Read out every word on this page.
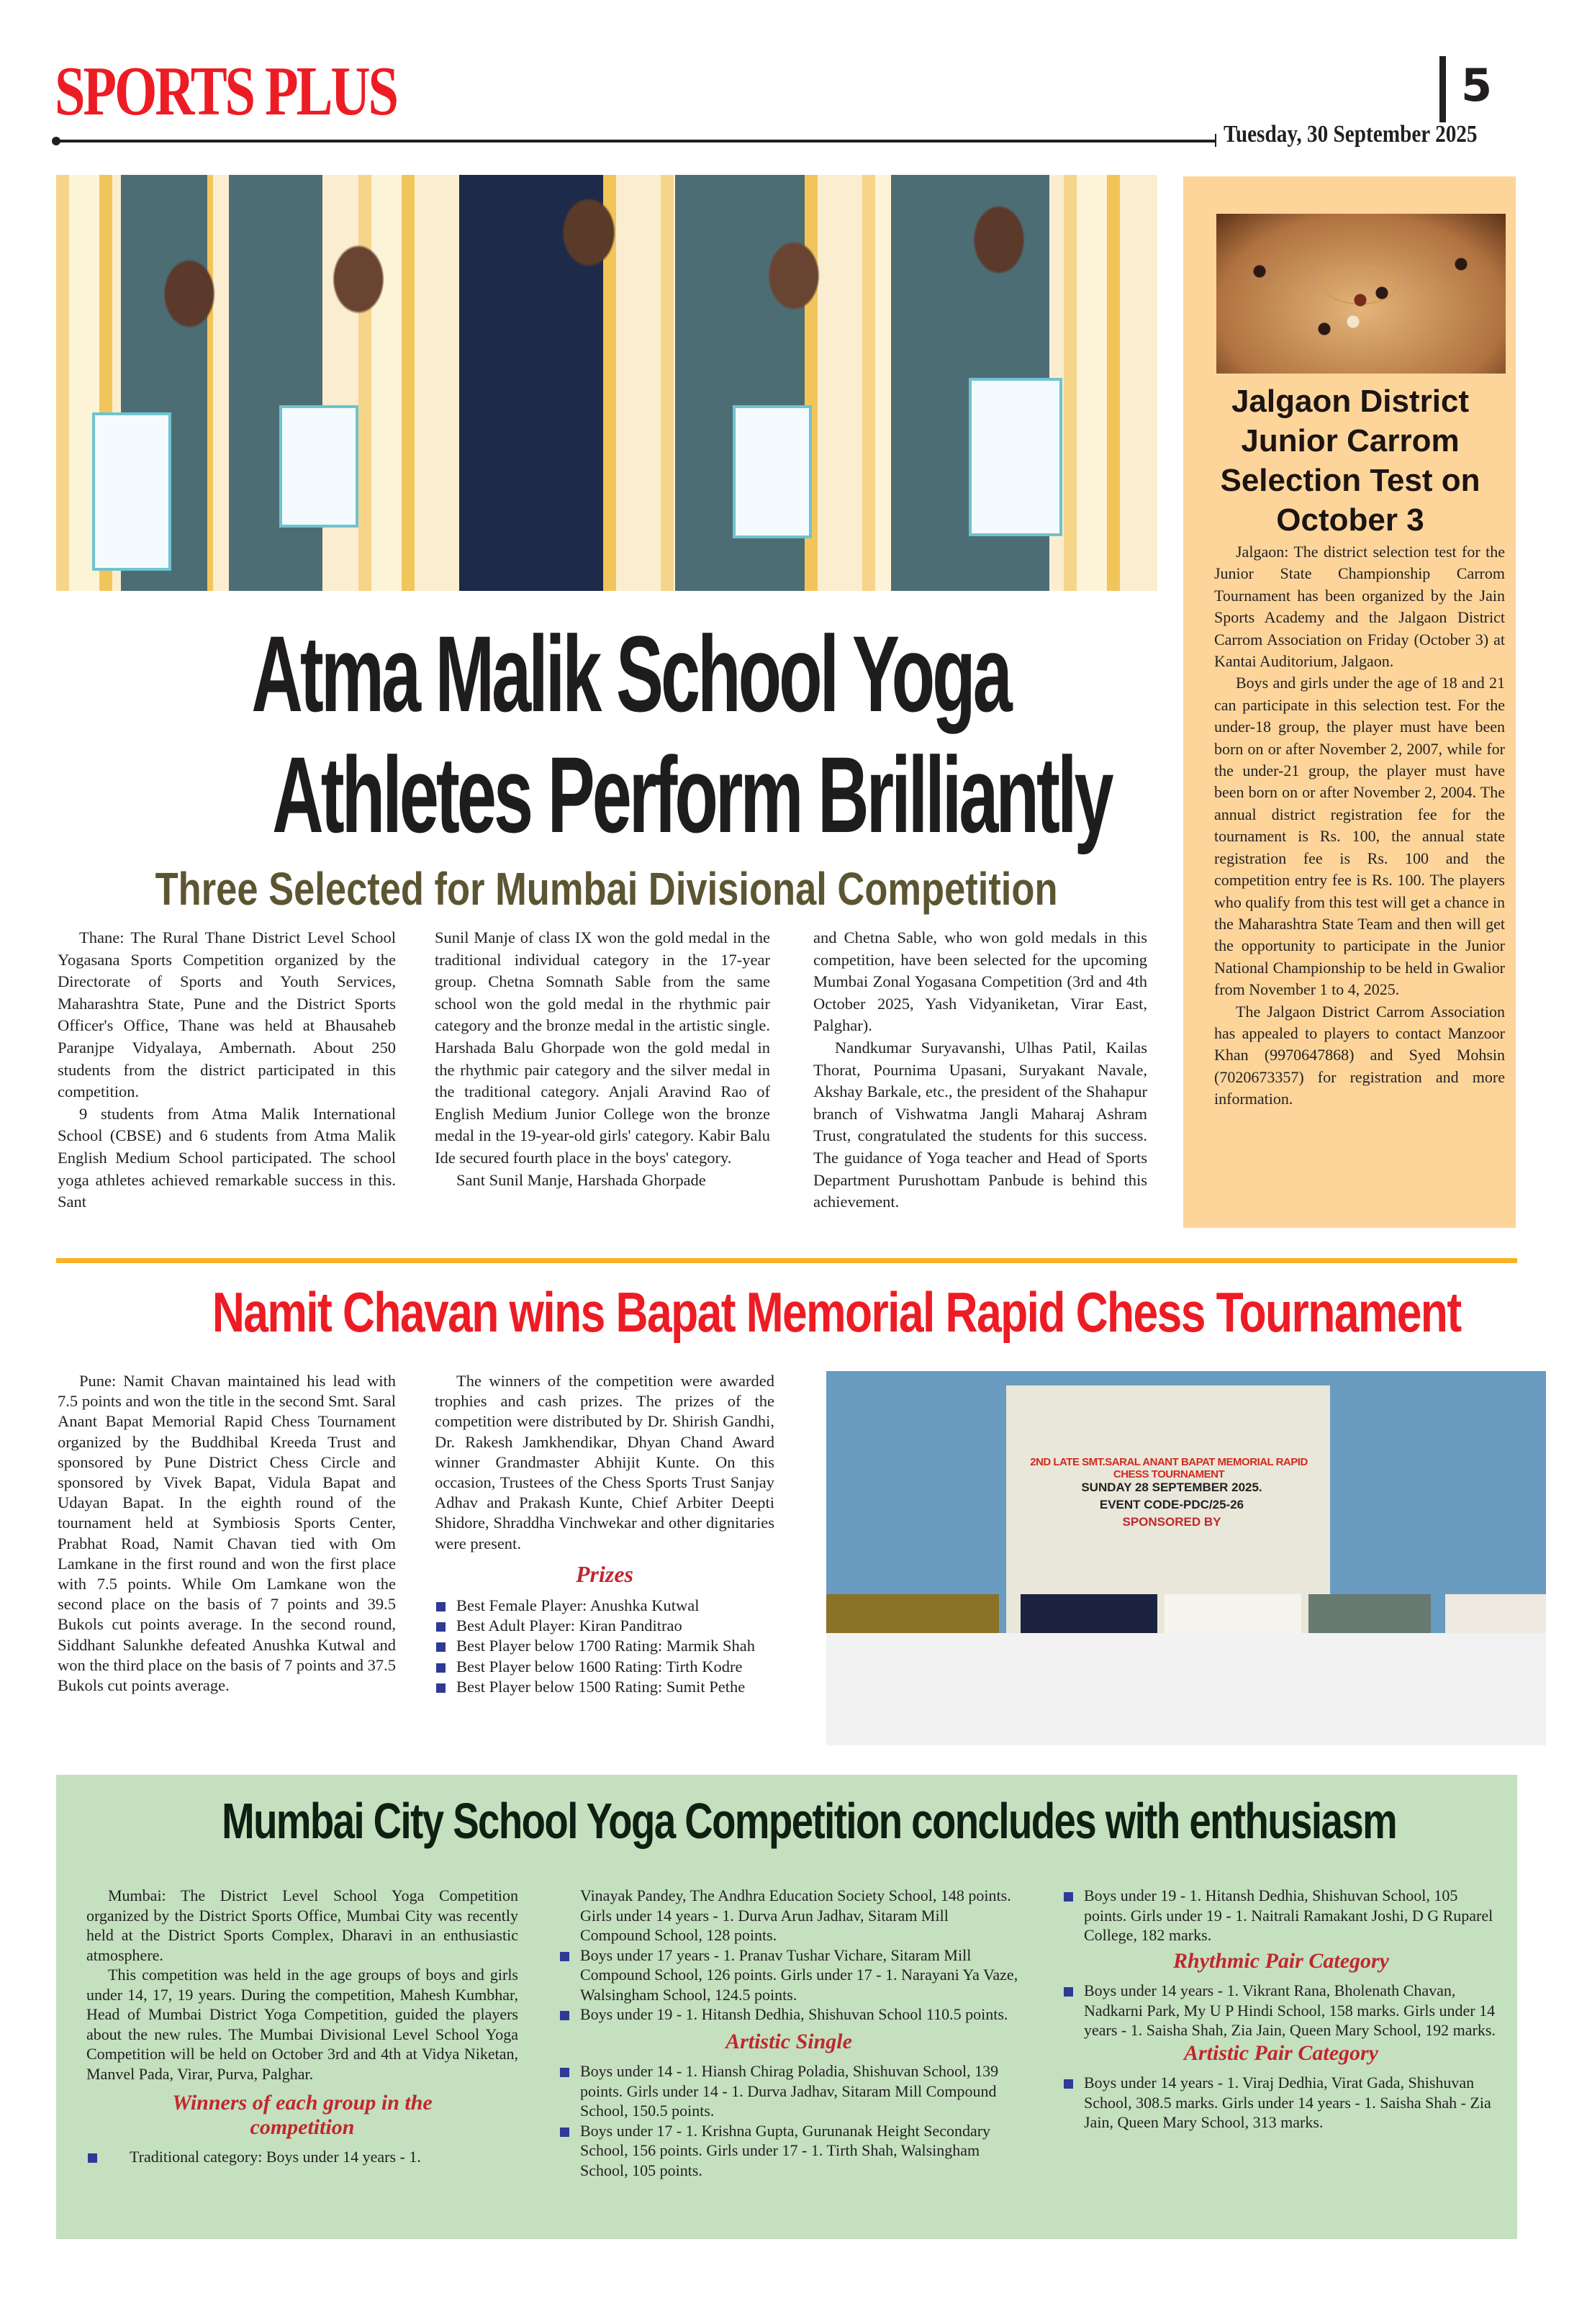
SPORTS PLUS	5
Tuesday, 30 September 2025
Atma Malik School Yoga
Athletes Perform Brilliantly
Three Selected for Mumbai Divisional Competition

Thane: The Rural Thane District Level School Yogasana Sports Competition organized by the Directorate of Sports and Youth Services, Maharashtra State, Pune and the District Sports Officer's Office, Thane was held at Bhausaheb Paranjpe Vidyalaya, Ambernath. About 250 students from the district participated in this competition.

9 students from Atma Malik International School (CBSE) and 6 students from Atma Malik English Medium School participated. The school yoga athletes achieved remarkable success in this. Sant

Sunil Manje of class IX won the gold medal in the traditional individual category in the 17-year group. Chetna Somnath Sable from the same school won the gold medal in the rhythmic pair category and the bronze medal in the artistic single. Harshada Balu Ghorpade won the gold medal in the rhythmic pair category and the silver medal in the traditional category. Anjali Aravind Rao of English Medium Junior College won the bronze medal in the 19-year-old girls' category. Kabir Balu Ide secured fourth place in the boys' category.

Sant Sunil Manje, Harshada Ghorpade

and Chetna Sable, who won gold medals in this competition, have been selected for the upcoming Mumbai Zonal Yogasana Competition (3rd and 4th October 2025, Yash Vidyaniketan, Virar East, Palghar).

Nandkumar Suryavanshi, Ulhas Patil, Kailas Thorat, Pournima Upasani, Suryakant Navale, Akshay Barkale, etc., the president of the Shahapur branch of Vishwatma Jangli Maharaj Ashram Trust, congratulated the students for this success. The guidance of Yoga teacher and Head of Sports Department Purushottam Panbude is behind this achievement.

Jalgaon District Junior Carrom Selection Test on October 3

Jalgaon: The district selection test for the Junior State Championship Carrom Tournament has been organized by the Jain Sports Academy and the Jalgaon District Carrom Association on Friday (October 3) at Kantai Auditorium, Jalgaon.

Boys and girls under the age of 18 and 21 can participate in this selection test. For the under-18 group, the player must have been born on or after November 2, 2007, while for the under-21 group, the player must have been born on or after November 2, 2004. The annual district registration fee for the tournament is Rs. 100, the annual state registration fee is Rs. 100 and the competition entry fee is Rs. 100. The players who qualify from this test will get a chance in the Maharashtra State Team and then will get the opportunity to participate in the Junior National Championship to be held in Gwalior from November 1 to 4, 2025.

The Jalgaon District Carrom Association has appealed to players to contact Manzoor Khan (9970647868) and Syed Mohsin (7020673357) for registration and more information.

Namit Chavan wins Bapat Memorial Rapid Chess Tournament

Pune: Namit Chavan maintained his lead with 7.5 points and won the title in the second Smt. Saral Anant Bapat Memorial Rapid Chess Tournament organized by the Buddhibal Kreeda Trust and sponsored by Pune District Chess Circle and sponsored by Vivek Bapat, Vidula Bapat and Udayan Bapat. In the eighth round of the tournament held at Symbiosis Sports Center, Prabhat Road, Namit Chavan tied with Om Lamkane in the first round and won the first place with 7.5 points. While Om Lamkane won the second place on the basis of 7 points and 39.5 Bukols cut points average. In the second round, Siddhant Salunkhe defeated Anushka Kutwal and won the third place on the basis of 7 points and 37.5 Bukols cut points average.

The winners of the competition were awarded trophies and cash prizes. The prizes of the competition were distributed by Dr. Shirish Gandhi, Dr. Rakesh Jamkhendikar, Dhyan Chand Award winner Grandmaster Abhijit Kunte. On this occasion, Trustees of the Chess Sports Trust Sanjay Adhav and Prakash Kunte, Chief Arbiter Deepti Shidore, Shraddha Vinchwekar and other dignitaries were present.

Prizes
Best Female Player: Anushka Kutwal
Best Adult Player: Kiran Panditrao
Best Player below 1700 Rating: Marmik Shah
Best Player below 1600 Rating: Tirth Kodre
Best Player below 1500 Rating: Sumit Pethe
2ND LATE SMT.SARAL ANANT BAPAT MEMORIAL RAPID CHESS TOURNAMENT
SUNDAY 28 SEPTEMBER 2025.
EVENT CODE-PDC/25-26
SPONSORED BY
Mumbai City School Yoga Competition concludes with enthusiasm

Mumbai: The District Level School Yoga Competition organized by the District Sports Office, Mumbai City was recently held at the District Sports Complex, Dharavi in an enthusiastic atmosphere.

This competition was held in the age groups of boys and girls under 14, 17, 19 years. During the competition, Mahesh Kumbhar, Head of Mumbai District Yoga Competition, guided the players about the new rules. The Mumbai Divisional Level School Yoga Competition will be held on October 3rd and 4th at Vidya Niketan, Manvel Pada, Virar, Purva, Palghar.

Winners of each group in the competition
Traditional category: Boys under 14 years - 1.
Vinayak Pandey, The Andhra Education Society School, 148 points. Girls under 14 years - 1. Durva Arun Jadhav, Sitaram Mill Compound School, 128 points.
Boys under 17 years - 1. Pranav Tushar Vichare, Sitaram Mill Compound School, 126 points. Girls under 17 - 1. Narayani Ya Vaze, Walsingham School, 124.5 points.
Boys under 19 - 1. Hitansh Dedhia, Shishuvan School 110.5 points.
Artistic Single
Boys under 14 - 1. Hiansh Chirag Poladia, Shishuvan School, 139 points. Girls under 14 - 1. Durva Jadhav, Sitaram Mill Compound School, 150.5 points.
Boys under 17 - 1. Krishna Gupta, Gurunanak Height Secondary School, 156 points. Girls under 17 - 1. Tirth Shah, Walsingham School, 105 points.
Boys under 19 - 1. Hitansh Dedhia, Shishuvan School, 105 points. Girls under 19 - 1. Naitrali Ramakant Joshi, D G Ruparel College, 182 marks.
Rhythmic Pair Category
Boys under 14 years - 1. Vikrant Rana, Bholenath Chavan, Nadkarni Park, My U P Hindi School, 158 marks. Girls under 14 years - 1. Saisha Shah, Zia Jain, Queen Mary School, 192 marks.
Artistic Pair Category
Boys under 14 years - 1. Viraj Dedhia, Virat Gada, Shishuvan School, 308.5 marks. Girls under 14 years - 1. Saisha Shah - Zia Jain, Queen Mary School, 313 marks.
